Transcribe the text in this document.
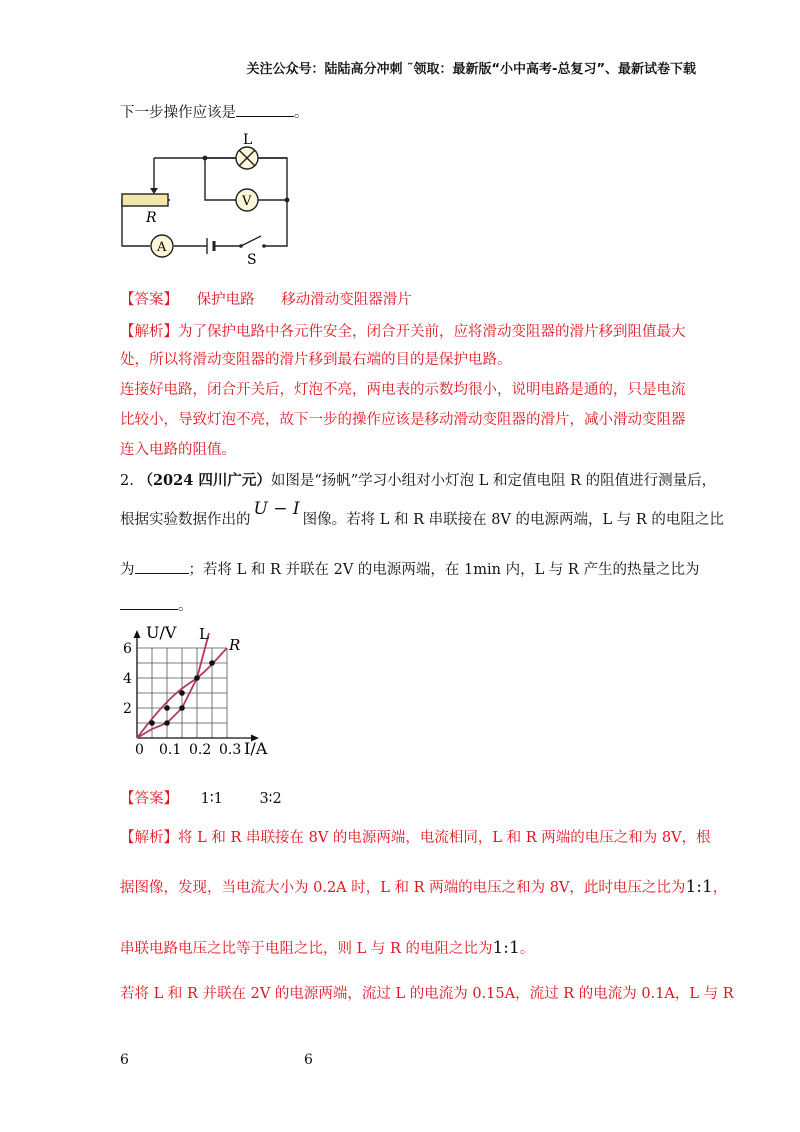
关注公众号：陆陆高分冲刺 ˜领取：最新版“小中高考-总复习”、最新试卷下载
下一步操作应该是	。
L
V
R
A
S
【答案】 保护电路 移动滑动变阻器滑片
【解析】为了保护电路中各元件安全，闭合开关前，应将滑动变阻器的滑片移到阻值最大
处，所以将滑动变阻器的滑片移到最右端的目的是保护电路。
连接好电路，闭合开关后，灯泡不亮，两电表的示数均很小，说明电路是通的，只是电流
比较小，导致灯泡不亮，故下一步的操作应该是移动滑动变阻器的滑片，减小滑动变阻器
连入电路的阻值。
2. （2024 四川广元）如图是“扬帆”学习小组对小灯泡 L 和定值电阻 R 的阻值进行测量后，
根据实验数据作出的U − I图像。若将 L 和 R 串联接在 8V 的电源两端，L 与 R 的电阻之比
为	；若将 L 和 R 并联在 2V 的电源两端，在 1min 内，L 与 R 产生的热量之比为
。
0 0.1 0.2 0.3
2
4
6
U/V
I/A
L
R
【答案】 1∶1	3∶2
【解析】将 L 和 R 串联接在 8V 的电源两端，电流相同，L 和 R 两端的电压之和为 8V，根
据图像，发现，当电流大小为 0.2A 时，L 和 R 两端的电压之和为 8V，此时电压之比为1:1，
串联电路电压之比等于电阻之比，则 L 与 R 的电阻之比为1:1。
若将 L 和 R 并联在 2V 的电源两端，流过 L 的电流为 0.15A，流过 R 的电流为 0.1A，L 与 R
6	6
